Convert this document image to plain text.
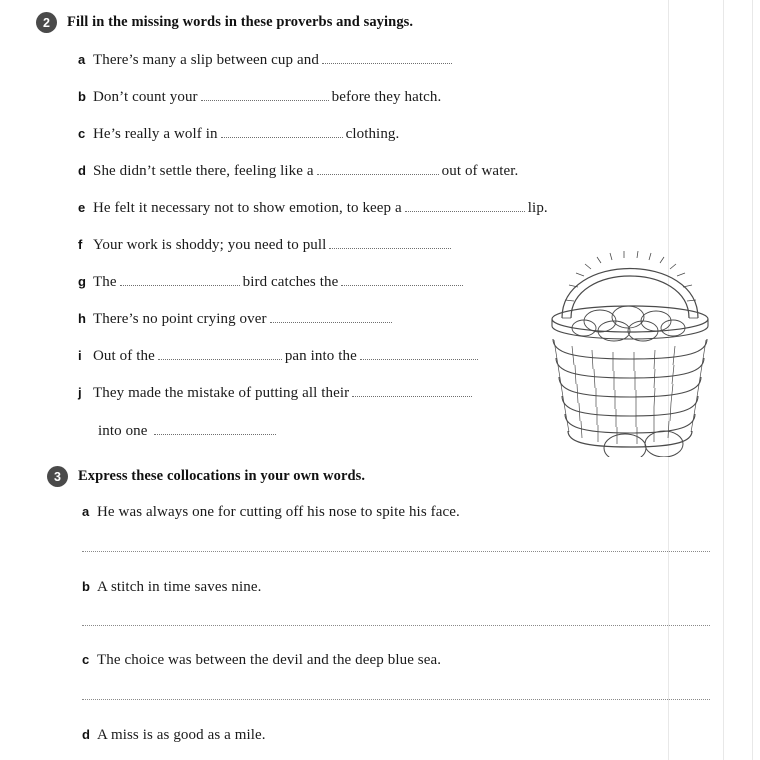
2	Fill in the missing words in these proverbs and sayings.
a There’s many a slip between cup and
b Don’t count your	before they hatch.
c He’s really a wolf in	clothing.
d She didn’t settle there, feeling like a	out of water.
e He felt it necessary not to show emotion, to keep a	lip.
f Your work is shoddy; you need to pull
g The	bird catches the
h There’s no point crying over
i Out of the	pan into the
j They made the mistake of putting all their
into one
3	Express these collocations in your own words.
a He was always one for cutting off his nose to spite his face.
b A stitch in time saves nine.
c The choice was between the devil and the deep blue sea.
d A miss is as good as a mile.
